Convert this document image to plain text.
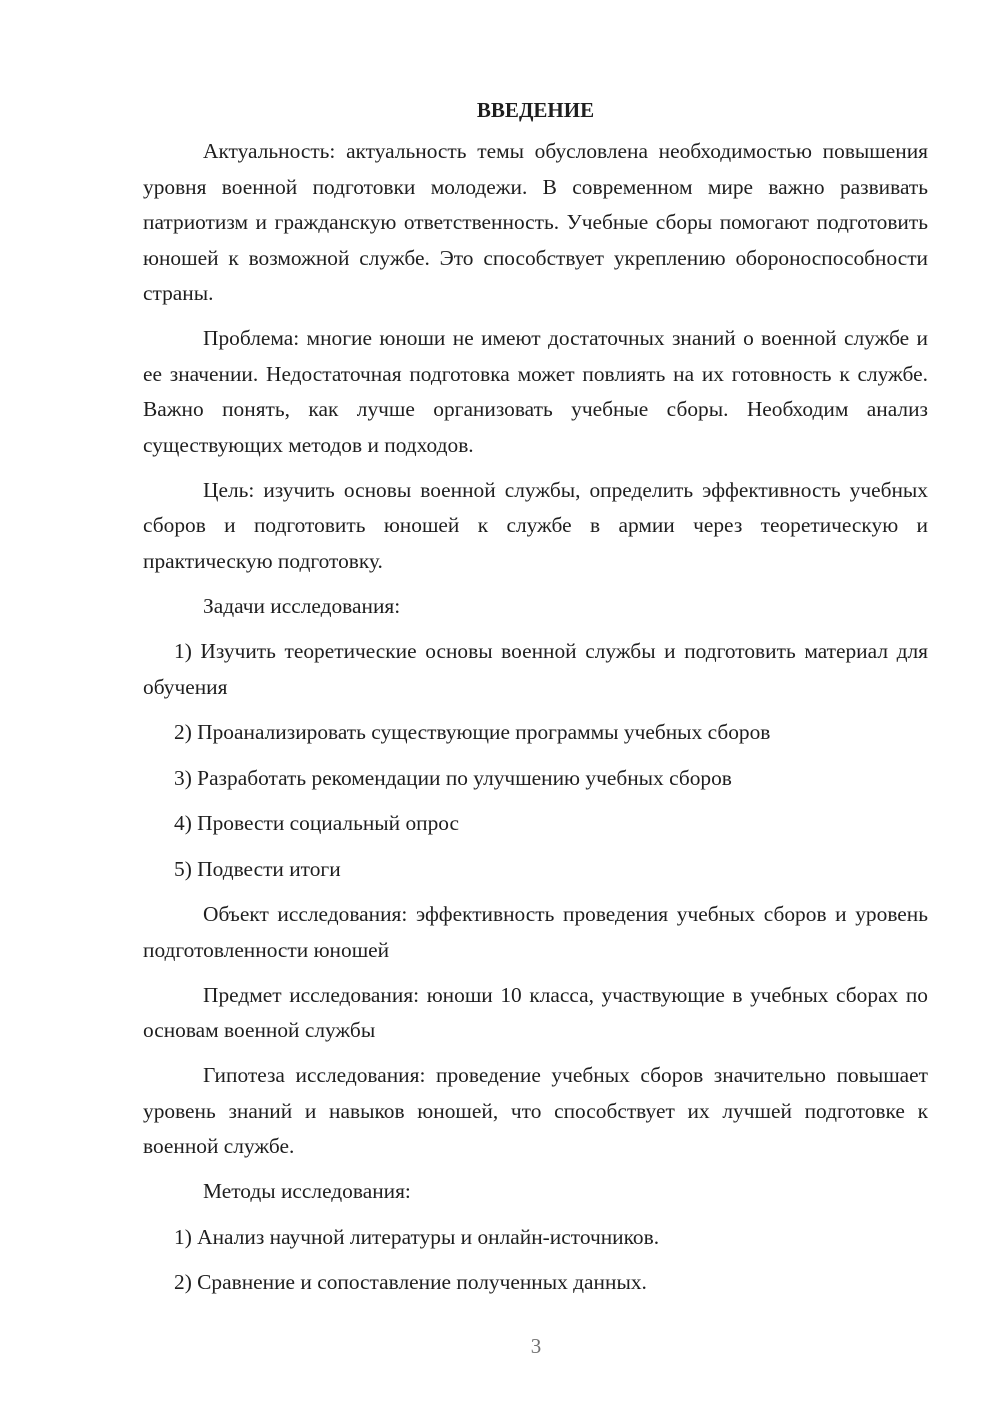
ВВЕДЕНИЕ

Актуальность: актуальность темы обусловлена необходимостью повышения уровня военной подготовки молодежи. В современном мире важно развивать патриотизм и гражданскую ответственность. Учебные сборы помогают подготовить юношей к возможной службе. Это способствует укреплению обороноспособности страны.

Проблема: многие юноши не имеют достаточных знаний о военной службе и ее значении. Недостаточная подготовка может повлиять на их готовность к службе. Важно понять, как лучше организовать учебные сборы. Необходим анализ существующих методов и подходов.

Цель: изучить основы военной службы, определить эффективность учебных сборов и подготовить юношей к службе в армии через теоретическую и практическую подготовку.

Задачи исследования:

1) Изучить теоретические основы военной службы и подготовить материал для обучения

2) Проанализировать существующие программы учебных сборов

3) Разработать рекомендации по улучшению учебных сборов

4) Провести социальный опрос

5) Подвести итоги

Объект исследования: эффективность проведения учебных сборов и уровень подготовленности юношей

Предмет исследования: юноши 10 класса, участвующие в учебных сборах по основам военной службы

Гипотеза исследования: проведение учебных сборов значительно повышает уровень знаний и навыков юношей, что способствует их лучшей подготовке к военной службе.

Методы исследования:

1) Анализ научной литературы и онлайн-источников.

2) Сравнение и сопоставление полученных данных.

3
